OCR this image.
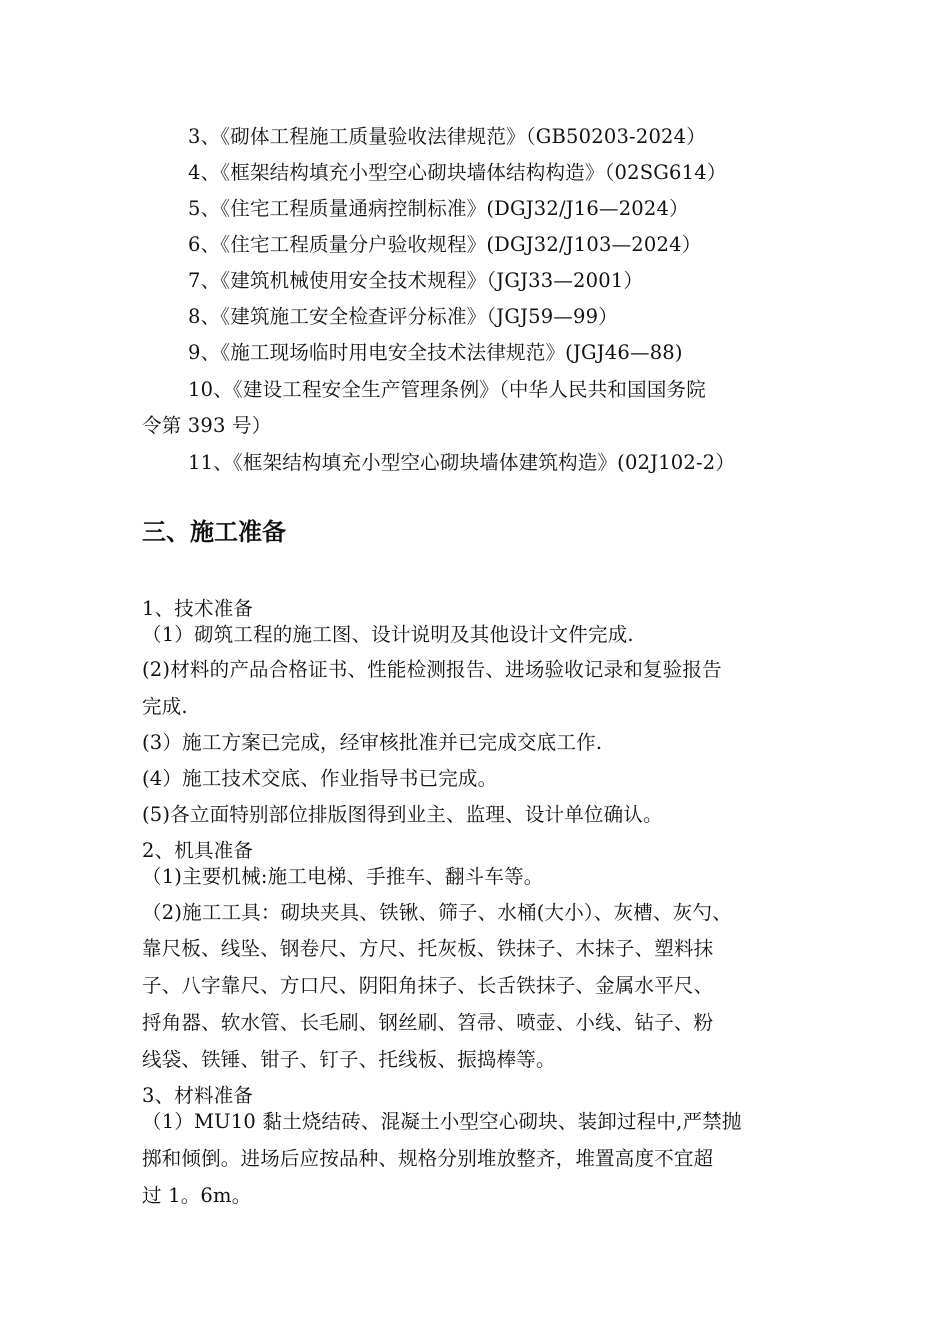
3、《砌体工程施工质量验收法律规范》（GB50203-2024）
4、《框架结构填充小型空心砌块墙体结构构造》（02SG614）
5、《住宅工程质量通病控制标准》(DGJ32/J16—2024）
6、《住宅工程质量分户验收规程》(DGJ32/J103—2024）
7、《建筑机械使用安全技术规程》（JGJ33—2001）
8、《建筑施工安全检查评分标准》（JGJ59—99）
9、《施工现场临时用电安全技术法律规范》(JGJ46—88)
10、《建设工程安全生产管理条例》（中华人民共和国国务院
令第 393 号）
11、《框架结构填充小型空心砌块墙体建筑构造》(02J102-2）
三、施工准备
1、技术准备
（1）砌筑工程的施工图、设计说明及其他设计文件完成.
(2)材料的产品合格证书、性能检测报告、进场验收记录和复验报告
完成.
(3）施工方案已完成，经审核批准并已完成交底工作.
(4）施工技术交底、作业指导书已完成。
(5)各立面特别部位排版图得到业主、监理、设计单位确认。
2、机具准备
（1)主要机械:施工电梯、手推车、翻斗车等。
（2)施工工具：砌块夹具、铁锹、筛子、水桶(大小）、灰槽、灰勺、
靠尺板、线坠、钢卷尺、方尺、托灰板、铁抹子、木抹子、塑料抹
子、八字靠尺、方口尺、阴阳角抹子、长舌铁抹子、金属水平尺、
捋角器、软水管、长毛刷、钢丝刷、笤帚、喷壶、小线、钻子、粉
线袋、铁锤、钳子、钉子、托线板、振捣棒等。
3、材料准备
（1）MU10 黏土烧结砖、混凝土小型空心砌块、装卸过程中,严禁抛
掷和倾倒。进场后应按品种、规格分别堆放整齐，堆置高度不宜超
过 1。6m。
